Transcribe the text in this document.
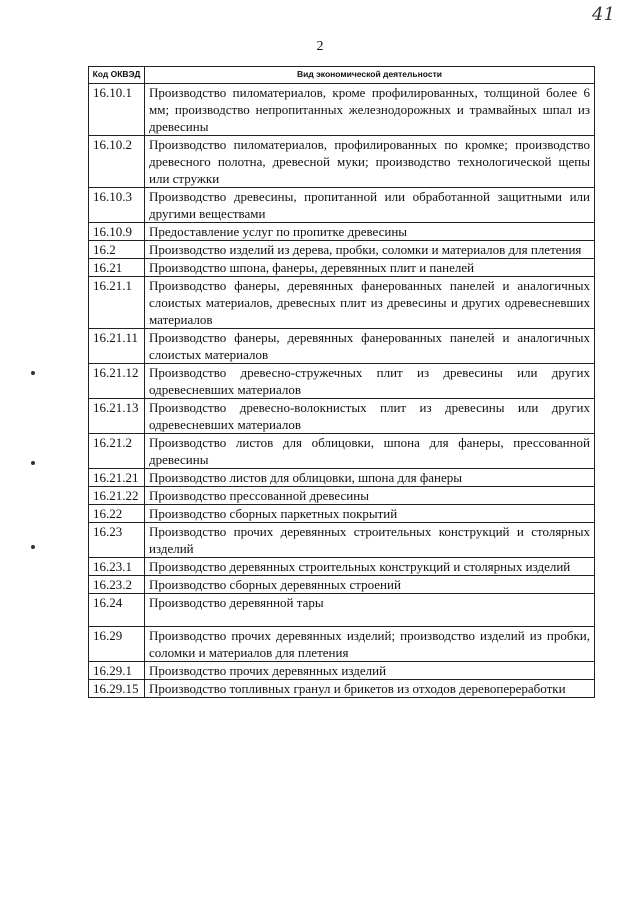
41
2
Код ОКВЭД	Вид экономической деятельности
16.10.1	Производство пиломатериалов, кроме профилированных, толщиной более 6 мм; производство непропитанных железнодорожных и трамвайных шпал из древесины
16.10.2	Производство пиломатериалов, профилированных по кромке; производство древесного полотна, древесной муки; производство технологической щепы или стружки
16.10.3	Производство древесины, пропитанной или обработанной защитными или другими веществами
16.10.9	Предоставление услуг по пропитке древесины
16.2	Производство изделий из дерева, пробки, соломки и материалов для плетения
16.21	Производство шпона, фанеры, деревянных плит и панелей
16.21.1	Производство фанеры, деревянных фанерованных панелей и аналогичных слоистых материалов, древесных плит из древесины и других одревесневших материалов
16.21.11	Производство фанеры, деревянных фанерованных панелей и аналогичных слоистых материалов
16.21.12	Производство древесно-стружечных плит из древесины или других одревесневших материалов
16.21.13	Производство древесно-волокнистых плит из древесины или других одревесневших материалов
16.21.2	Производство листов для облицовки, шпона для фанеры, прессованной древесины
16.21.21	Производство листов для облицовки, шпона для фанеры
16.21.22	Производство прессованной древесины
16.22	Производство сборных паркетных покрытий
16.23	Производство прочих деревянных строительных конструкций и столярных изделий
16.23.1	Производство деревянных строительных конструкций и столярных изделий
16.23.2	Производство сборных деревянных строений
16.24	Производство деревянной тары
16.29	Производство прочих деревянных изделий; производство изделий из пробки, соломки и материалов для плетения
16.29.1	Производство прочих деревянных изделий
16.29.15	Производство топливных гранул и брикетов из отходов деревопереработки
